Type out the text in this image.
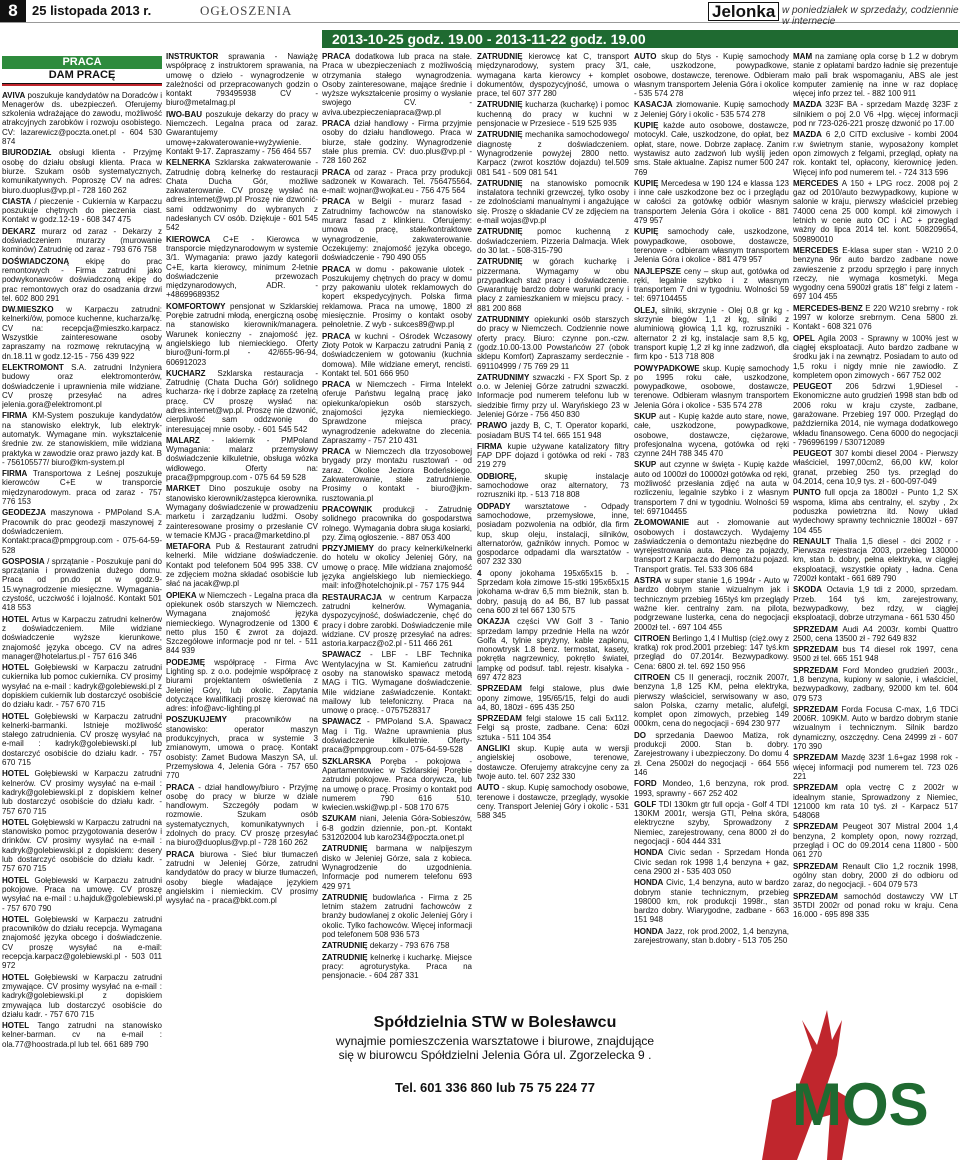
8	25 listopada 2013 r.	OGŁOSZENIA	Jelonka w poniedziałek w sprzedaży, codziennie w internecie
2013-10-25 godz. 19.00 - 2013-11-22 godz. 19.00
PRACA
DAM PRACĘ

AVIVA poszukuje kandydatów na Doradców i Menagerów ds. ubezpieczeń. Oferujemy szkolenia wdrażające do zawodu, możliwość atrakcyjnych zarobków i rozwoju osobistego. CV: lazarewicz@poczta.onet.pl - 604 530 874

BIURODZIAŁ obsługi klienta - Przyjmę osobę do działu obsługi klienta. Praca w biurze. Szukam osób systematycznych, komunikatywnych. Poproszę CV na adres: biuro.duoplus@vp.pl - 728 160 262

CIASTA / pieczenie - Cukiernia w Karpaczu poszukuje chętnych do pieczenia ciast. Kontakt w godz.12-19 - 608 347 475

DEKARZ murarz od zaraz - Dekarzy z doświadczeniem murarzy (murowanie kominów) Zatrudnię od zaraz - 793 676 758

DOŚWIADCZONĄ ekipę do prac remontowych - Firma zatrudni jako podwykonawców doświadczoną ekipę do prac remontowych oraz do osadzania drzwi tel. 602 800 291

DW.MIESZKO w Karpaczu zatrudni: kelnerki/ów, pomoce kuchenne, kucharza/kę. CV na: recepcja@mieszko.karpacz. Wszystkie zainteresowane osoby zapraszamy na rozmowę rekrutacyjną w dn.18.11 w godz.12-15 - 756 439 922

ELEKTROMONT S.A. zatrudni Inżyniera budowy oraz elektromonterów, doświadczenie i uprawnienia mile widziane. CV proszę przesyłać na adres jelenia.gora@elektromont.pl

FIRMA KM-System poszukuje kandydatów na stanowisko elektryk, lub elektryk-automatyk. Wymagane min. wykształcenie średnie zw. ze stanowiskiem, mile widziana praktyka w zawodzie oraz prawo jazdy kat. B - 756105577/ biuro@km-system.pl

FIRMA Transportowa z Leśnej poszukuje kierowców C+E w transporcie międzynarodowym. praca od zaraz - 757 776 153

GEODEZJA maszynowa - PMPoland S.A. Pracownik do prac geodezji maszynowej z doświadczeniem. Kontakt:praca@pmpgroup.com - 075-64-59-528

GOSPOSIA / sprzątanie - Poszukuje pani do sprzątania i prowadzenia dużego domu. Praca od pn.do pt w godz.9-15.wynagrodzenie miesięczne. Wymagania-czystość, uczciwość i lojalność. Kontakt 501 418 553

HOTEL Artus w Karpaczu zatrudni kelnerów z doświadczeniem. Mile widziane doświadczenie wyższe kierunkowe, znajomość języka obcego. CV na adres manager@hotelartus.pl - 757 616 346

HOTEL Gołębiewski w Karpaczu zatrudni cukiernika lub pomoc cukiernika. CV prosimy wysyłać na e-mail : kadryk@golebiewski.pl z dopiskiem cukiernik lub dostarczyć osobiście do działu kadr. - 757 670 715

HOTEL Gołębiewski w Karpaczu zatrudni kelnerki-barmanki. Istnieje możliwość stałego zatrudnienia. CV proszę wysyłać na e-mail : kadryk@golebiewski.pl lub dostarczyć osobiście do działu kadr. - 757 670 715

HOTEL Gołębiewski w Karpaczu zatrudni kelnerów. CV prosimy wysyłać na e-mail : kadryk@golebiewski.pl z dopiskiem kelner lub dostarczyć osobiście do działu kadr. - 757 670 715

HOTEL Gołębiewski w Karpaczu zatrudni na stanowisko pomoc przygotowania deserów i drinków. CV prosimy wysyłać na e-mail : kadryk@golebiewski.pl z dopiskiem: desery lub dostarczyć osobiście do działu kadr. - 757 670 715

HOTEL Gołębiewski w Karpaczu zatrudni pokojowe. Praca na umowę. CV proszę wysyłać na e-mail : u.hajduk@golebiewski.pl - 757 670 790

HOTEL Gołębiewski w Karpaczu zatrudni pracowników do działu recepcja. Wymagana znajomość języka obcego i doświadczenie. CV proszę wysyłać na e-mail: recepcja.karpacz@golebiewski.pl - 503 011 972

HOTEL Gołębiewski w Karpaczu zatrudni zmywające. CV prosimy wysyłać na e-mail : kadryk@golebiewski.pl z dopiskiem zmywająca lub dostarczyć osobiście do działu kadr. - 757 670 715

HOTEL Tango zatrudni na stanowisko kelner-barman. cv na e-mail : ola.77@hoostrada.pl lub tel. 661 689 790

INSTRUKTOR sprawania - Nawiążę współpracę z instruktorem sprawania, na umowę o dzieło - wynagrodzenie w zależności od przepracowanych godzin o kontakt 793495938 CV - biuro@metalmag.pl

IWO-BAU poszukuje dekarzy do pracy w Niemczech. Legalna praca od zaraz. Gwarantujemy umowę+zakwaterowanie+wyżywienie. Kontakt 9-17. Zapraszamy - 756 464 557

KELNERKA Szklarska zakwaterowanie - Zatrudnię dobrą kelnerkę do restauracji Chata Ducha Gór, możliwe zakwaterowanie. CV proszę wysłać na adres.internet@wp.pl Proszę nie dzwonić-sami oddzwonimy do wybranych z nadesłanych CV osób. Dziękuje - 601 545 542

KIEROWCA C+E - Kierowca w transporcie międzynarodowym w systemie 3/1. Wymagania: prawo jazdy kategorii C+E, karta kierowcy, minimum 2-letnie doświadczenie przewozach międzynarodowych, ADR. - +48699689352

KOMFORTOWY pensjonat w Szklarskiej Porębie zatrudni młodą, energiczną osobę na stanowisko kierownik/managera. Warunek konieczny - znajomość jęz. angielskiego lub niemieckiego. Oferty biuro@uni-form.pl - 42/655-96-94, 606912023

KUCHARZ Szklarska restauracja - Zatrudnię (Chata Ducha Gór) solidnego kucharza- rkę i dobrze zapłacę za rzetelną pracę. CV proszę wysłać na: adres.internet@wp.pl. Proszę nie dzwonić, cierpliwość sam oddzwonię do interesującej mnie osoby. - 601 545 542

MALARZ - lakiernik - PMPoland Wymagania: malarz przemysłowy doświadczenie kilkuletnie, obsługa wózka widłowego. Oferty na: praca@pmpgroup.com - 075 64 59 528

MARKET Dino poszukuje osoby na stanowisko kierownik/zastępca kierownika. Wymagany doświadczenie w prowadzeniu marketu i zarządzaniu ludźmi. Osoby zainteresowane prosimy o przesłanie CV w temacie KMJG - praca@marketdino.pl

METAFORA Pub & Restaurant zatrudni kelnerki. Mile widziane doświadczenie. Kontakt pod telefonem 504 995 338. CV ze zdjęciem można składać osobiście lub słać na jacak@wp.pl

OPIEKA w Niemczech - Legalna praca dla opiekunek osób starszych w Niemczech. Wymagana znajomość języka niemieckiego. Wynagrodzenie od 1300 € netto plus 150 € zwrot za dojazd. Szczegółowe informacje pod nr tel. - 511 844 939

PODEJMĘ współpracę - Firma Avc Lighting sp. z o.o. podejmie współpracę z biurami projektantem oświetlenia z Jeleniej Góry, lub okolic. Zapytania dotyczące kwalifikacji proszę kierować na adres: info@avc-lighting.pl

POSZUKUJEMY pracowników na stanowisko: operator maszyn produkcyjnych, praca w systemie 3 zmianowym, umowa o pracę. Kontakt osobisty: Zamet Budowa Maszyn SA, ul. Przemysłowa 4, Jelenia Góra - 757 650 770

PRACA - dział handlowy/biuro - Przyjmę osobę do pracy w biurze w dziale handlowym. Szczegóły podam w rozmowie. Szukam osób systematycznych, komunikatywnych i zdolnych do pracy. CV proszę przesyłać na biuro@duoplus@vp.pl - 728 160 262

PRACA biurowa - Sieć biur tłumaczeń zatrudni w Jeleniej Górze, zatrudni kandydatów do pracy w biurze tłumaczeń, osoby biegle władające językiem angielskim i niemieckim. CV prosimy wysyłać na - praca@bkt.com.pl

PRACA dodatkowa lub praca na stałe. Praca w ubezpieczeniach z możliwością otrzymania stałego wynagrodzenia. Osoby zainteresowane, mające średnie i wyższe wykształcenie prosimy o wysłanie swojego CV. - aviva.ubezpieczeniapraca@wp.pl

PRACA dział handlowy - Firma przyjmie osoby do działu handlowego. Praca w biurze, stałe godziny. Wynagrodzenie stałe plus premia. CV: duo.plus@vp.pl - 728 160 262

PRACA od zaraz - Praca przy produkcji sadzonek w Kowarach. Tel. 756475564, e-mail: wojnar@wojkat.eu - 756 475 564

PRACA w Belgii - murarz fasad - Zatrudnimy fachowców na stanowisko murarz fasad z klinkieru. Oferujemy: umowa o pracę, stałe/kontraktowe wynagrodzenie, zakwaterowanie. Oczekujemy: znajomość języka obcego, doświadczenie - 790 490 055

PRACA w domu - pakowanie ulotek - Poszukujemy chętnych do pracy w domu przy pakowaniu ulotek reklamowych do kopert ekspedycyjnych. Polska firma reklamowa. Praca na umowę, 1800 zł miesięcznie. Prosimy o kontakt osoby pełnoletnie. Z wyb - sukces89@wp.pl

PRACA w kuchni - Ośrodek Wczasowy Złoty Potok w Karpaczu zatrudni Panią z doświadczeniem w gotowaniu (kuchnia domowa). Mile widziane emeryt, rencisti. Kontakt tel. 501 666 950

PRACA w Niemczech - Firma Intelekt oferuje Państwu legalną pracę jako opiekunka/opiekun osób starszych, znajomości języka niemieckiego. Sprawdzone miejsca pracy, wynagrodzenie adekwatne do zlecenia. Zapraszamy - 757 210 431

PRACA w Niemczech dla trzyosobowej brygady przy montażu rusztowań - od zaraz. Okolice Jeziora Bodeńskiego. Zakwaterowanie, stałe zatrudnienie. Prosimy o kontakt - biuro@jkm-rusztowania.pl

PRACOWNIK produkcji - Zatrudnię solidnego pracownika do gospodarstwa rolnego. Wymagania dobra sługa kosiarki, pzy. Zimą ogłoszenie. - 887 053 400

PRZYJMIEMY do pracy kelnerki/kelnerki do hotelu w okolicy Jeleniej Góry, na umowę o pracę. Mile widziana znajomość języka angielskiego lub niemieckiego. mail: info@hotelchojnik.pl - 757 175 944

RESTAURACJA w centrum Karpacza zatrudni kelnerów. Wymagania, dyspozycyjność, doświadczenie, chęć do pracy i dobre zarobki. Doświadczenie mile widziane. CV proszę przesyłać na adres: astoria.karpacz@o2.pl - 511 466 261

SPAWACZ - LBF - LBF Technika Wentylacyjna w St. Kamieńcu zatrudni osoby na stanowisko spawacz metodą MAG i TIG. Wymagane doświadczenie. Mile widziane zaświadczenie. Kontakt: mailowy lub telefoniczny. Praca na umowę o pracę. - 0757528317

SPAWACZ - PMPoland S.A. Spawacz Mag i Tig. Ważne uprawnienia plus doświadczenie kilkuletnie. Oferty-praca@pmpgroup.com - 075-64-59-528

SZKLARSKA Poręba - pokojowa - Apartamentowiec w Szklarskiej Porębie zatrudni pokojowe. Praca dorywcza, lub na umowę o pracę. Prosimy o kontakt pod numerem 790 616 510. kwiecien.wski@wp.pl - 508 170 675

SZUKAM niani, Jelenia Góra-Sobieszów, 6-8 godzin dziennie, pon.-pt. Kontakt 531202004 lub karo234@poczta.onet.pl

ZATRUDNIĘ barmana w nalpijeszym disko w Jeleniej Górze, sala z kobieca. Wynagrodzenie do uzgodnienia. Informacje pod numerem telefonu 693 429 971

ZATRUDNIĘ budowlańca - Firma z 25 letnim stażem zatrudni fachowców z branży budowlanej z okolic Jeleniej Góry i okolic. Tylko fachowców. Więcej informacji pod telefonem 508 936 573

ZATRUDNIĘ dekarzy - 793 676 758

ZATRUDNIĘ kelnerkę i kucharkę. Miejsce pracy: agroturystyka. Praca na pensjonacie. - 604 287 331

ZATRUDNIĘ kierowcę kat C, transport międzynarodowy, system pracy 3/1, wymagana karta kierowcy + komplet dokumentów, dyspozycyjność, umowa o prace, tel 607 377 280

ZATRUDNIĘ kucharza (kucharkę) i pomoc kuchenną do pracy w kuchni w pensjonacie w Przesiece - 519 525 935

ZATRUDNIĘ mechanika samochodowego/ diagnostę z doświadczeniem. Wynagrodzenie powyżej 2800 netto. Karpacz (zwrot kosztów dojazdu) tel.509 081 541 - 509 081 541

ZATRUDNIĘ na stanowisko pomocnik instalatora techniki grzewczej, tylko osoby ze zdolnościami manualnymi i angażujące się. Proszę o składanie CV ze zdjęciem na e-mail wojas@vp.pl

ZATRUDNIĘ pomoc kuchenną z doświadczeniem. Pizzeria Dalmacja. Wiek do 30 lat. - 508-315-790

ZATRUDNIĘ w górach kucharkę i pizzermana. Wymagamy w obu przypadkach staż pracy i doświadczenie. Gwarantuję bardzo dobre warunki pracy i płacy z zamieszkaniem w miejscu pracy. - 881 200 868

ZATRUDNIMY opiekunki osób starszych do pracy w Niemczech. Codziennie nowe oferty pracy. Biuro: czynne pon.-czw.(godz.10.00-13.00 Powstańców 27 (obok sklepu Komfort) Zapraszamy serdecznie - 691104999 / 75 769 29 11

ZATRUDNIMY szwaczki - FX Sport Sp. z o.o. w Jeleniej Górze zatrudni szwaczki. Informacje pod numerem telefonu lub w siedzibie firmy przy ul. Waryńskiego 23 w Jeleniej Górze - 756 450 830

PRAWO jazdy B, C, T. Operator koparki, posiadam BUS T4 tel. 665 151 948

FIRMA kupie używane katalizatory filtry FAP DPF dojazd i gotówka od reki - 783 219 279

ODBIORĘ, skupię instalacje samochodowe oraz alternatory, 73 rozruszniki itp. - 513 718 808

ODPADY warsztatowe - Odpady samochodowe, przemysłowe, inne, posiadam pozwolenia na odbiór, dla firm kup, skup oleju, instalacji, silników, alternatorów, gaźników innych. Pomoc w gospodarce odpadami dla warsztatów - 607 232 330

4 opony jokohama 195x65x15 b. - Sprzedam koła zimowe 15-stki 195x65x15 jokohama w-drav 6,5 mm bieżnik, stan b. dobry, pasują do a4 B6, B7 lub passat cena 600 zł tel 667 130 575

OKAZJA części VW Golf 3 - Tanio sprzedam lampy przednie Hella na wzór Golfa 4, tylnie spryżyny, kable zapłonu, monowtrysk 1.8 benz. termostat, kasety, pokrętła nagrzewnicy, pokrętło świateł, lampkę od podsuf. tabl. rejestr. kisałyka - 697 472 823

SPRZEDAM felgi stalowe, plus dwie opony zimowe, 195/65/15, felgi do audi a4, 80, 180zł - 695 435 250

SPRZEDAM felgi stalowe 15 cali 5x112. Felgi są proste, zadbane. Cena: 60zł sztuka - 511 104 354

ANGLIKI skup. Kupię auta w wersji angielskiej osobowe, terenowe, dostawcze. Oferujemy atrakcyjne ceny za twoje auto. tel. 607 232 330

AUTO - skup. Kupię samochody osobowe, terenowe i dostawcze, przeglądy, wysokie ceny. Transport Jeleniej Góry i okolic - 531 588 345

AUTO skup do 5tys - Kupię samochody całe, uszkodzone, powypadkowe, osobowe, dostawcze, terenowe. Odbieram własnym transportem Jelenia Góra i okolice - 535 574 278

KASACJA złomowanie. Kupię samochody z Jeleniej Góry i okolic - 535 574 278

KUPIĘ każde auto osobowe, dostawcze, motocykl. Całe, uszkodzone, do opłat, bez opłat, stare, nowe. Dobrze zapłacę. Zanim wystawisz auto zadzwoń lub wyślij jeden sms. Stałe aktualne. Zapisz numer 500 247 769

KUPIĘ Mercedesa w 190 124 e klassa 123 i inne całe uszkodzone bez oc i przeglądu w całości za gotówkę odbiór własnym transportem Jelenia Góra i okolice - 881 479 957

KUPIĘ samochody całe, uszkodzone, powypadkowe, osobowe, dostawcze, terenowe - odbieram własnym transportem Jelenia Góra i okolice - 881 479 957

NAJLEPSZE ceny – skup aut, gotówka od ręki, legalnie szybko i z własnym transportem 7 dni w tygodniu. Wolności 59 tel: 697104455

OLEJ, silniki, skrzynie - Olej 0,8 gr kg - skrzynie biegów 1,1 zł kg, silniki z aluminiową głowicą 1,1 kg, rozruszniki - alternator 2 zł kg, instalacje sam 8,5 kg, transport kupię 1,2 zł kg inne zadzwoń, dla firm kpo - 513 718 808

POWYPADKOWE skup. Kupię samochody po 1995 roku całe, uszkodzone, powypadkowe, osobowe, dostawcze, terenowe. Odbieram własnym transportem Jelenia Góra i okolice - 535 574 278

SKUP aut - Kupię każde auto stare, nowe, całe, uszkodzone, powypadkowe, osobowe, dostawcze, ciężarowe, profesjonalna wycena, gotówka od ręki czynne 24H 788 345 470

SKUP aut czynne w święta - Kupię każde auto od 1000zł do 10000zł gotówka od ręki, możliwość przesłania zdjęć na auta w rozliczeniu, legalnie szybko i z własnym transportem 7 dni w tygodniu. Wolności 59 tel: 697104455

ZŁOMOWANIE aut - złomowanie aut osobowych i dostawczych. Wydajemy zaświadczenia o demontażu niezbędne do wyrejestrowania auta. Płacę za pojazdy, transport z Karpacza do demontażu pojazd. Transport gratis. Tel. 533 306 684

ASTRA w super stanie 1,6 1994r - Auto w bardzo dobrym stanie wizualnym jak i technicznym przebieg 165tyś km przeglądy ważne kier. centralny zam. na pilota, podgrzewane lusterka, cena do negocjacji 2000zł tel. - 697 104 455

CITROEN Berlingo 1,4 l Multisp (cięż.owy z kratką) rok prod.2001 przebieg: 147 tyś.km przegląd do 07.2014r. Bezwypadkowy. Cena: 6800 zł. tel. 692 150 956

CITROEN C5 II generacji, rocznik 2007r, benzyna 1,8 125 KM, pełna elektryka, pierwszy właściciel, serwisowany w aso, salon Polska, czarny metalic, alufelgi, komplet opon zimowych, przebieg 149 000km, cena do negocjacji - 694 230 977

DO sprzedania Daewoo Matiza, rok produkcji 2000. Stan b. dobry. Zarejestrowany i ubezpieczony. Do domu 4 zł. Cena 2500zł do negocjacji - 664 556 146

FORD Mondeo, 1,6 benzyna, rok prod. 1993, sprawny - 667 252 402

GOLF TDI 130km gtr full opcja - Golf 4 TDI 130KM 2001r, wersja GTI, Pełna skóra, elektryczne szyby, Sprowadzony z Niemiec, zarejestrowany, cena 8000 zł do negocjacji - 604 444 331

HONDA Civic sedan - Sprzedam Honda Civic sedan rok 1998 1,4 benzyna + gaz, cena 2900 zł - 535 403 050

HONDA Civic, 1,4 benzyna, auto w bardzo dobrym stanie technicznym, przebieg 198000 km, rok produkcji 1998r., stan bardzo dobry. Wiarygodne, zadbane - 663 151 948

HONDA Jazz, rok prod.2002, 1,4 benzyna, zarejestrowany, stan b.dobry - 513 705 250

MAM na zamianę opla corsę b 1.2 w dobrym stanie z opłatami bardzo ładnie się prezentuje mało pali brak wspomaganiu, ABS ale jest komputer zamienię na inne w raz dopłacę więcej info przez tel. - 882 100 911

MAZDA 323F BA - sprzedam Mazdę 323F z silnikiem o poj 2.0 V6 +lpg. więcej informacji pod nr 723-026-221 proszę dzwonić po 17.00

MAZDA 6 2,0 CiTD exclusive - kombi 2004 r.w świetnym stanie, wyposażony komplet opon zimowych z felgami, przegląd, opłaty na rok. kontakt tel, opłacony, kierownicę jeden. Więcej info pod numerem tel. - 724 313 596

MERCEDES A 150 + LPG rocz. 2008 poj 2 gaz od 2010/auto bezwypadkowy, kupione w salonie w kraju, pierwszy właściciel przebieg 74000 cena 25 000 kompl. kół zimowych i letnich w cenie auto OC i AC + przegląd ważny do lipca 2014 tel. kont. 508209654, 509890010

MERCEDES E-klasa super stan - W210 2.0 benzyna 96r auto bardzo zadbane nowe zawieszenie z przodu sprzęgło i parę innych rzeczy, nie wymaga kosmetyki. Mega wygodny cena 5900zł gratis 18” felgi z latem - 697 104 455

MERCEDES-BENZ E 220 W210 srebrny - rok 1997 w kolorze srebrnym. Cena 5800 zł. Kontakt - 608 321 076

OPEL Agila 2003 - Sprawny w 100% jest w ciągłej eksploatacji. Auto bardzo zadbane w środku jak i na zewnątrz. Posiadam to auto od 1,5 roku i nigdy mnie nie zawiodło. Z kompletem opon zimowych - 667 752 002

PEUGEOT 206 5drzwi 1,9Diesel - Ekonomiczne auto grudzień 1998 stan bdb od 2006 roku w kraju czyste, zadbane, garażowane. Przebieg 197 000. Przegląd do października 2014, nie wymaga dodatkowego wkładu finansowego. Cena 6000 do negocjacji - 796996199 / 530712089

PEUGEOT 307 kombi diesel 2004 - Pierwszy właściciel, 1997,00cm2, 66,00 kW, kolor granat, przebieg 250 tys. przegląd do 04.2014, cena 10,9 tys. zł - 600-097-049

PUNTO full opcja za 1800zł - Punto 1,2 SX wspoma, klima abs centralny, el. szyby , 2x poduszka powietrzna itd. Nowy układ wydechowy sprawny technicznie 1800zł - 697 104 455

RENAULT Thalia 1,5 diesel - dci 2002 r - Pierwsza rejestracja 2003, przebieg 130000 km, stan b. dobry, pełna elektryka, w ciągłej eksploatacji, wszystkie opłaty , ładna. Cena 7200zł kontakt - 661 689 790

SKODA Octavia 1,9 tdi z 2000, sprzedam. Przeb. 164 tyś km, zarejestrowany, bezwypadkowy, bez rdzy, w ciągłej eksploatacji, dobrze utrzymana - 661 530 450

SPRZEDAM Audi A4 2003r. kombi Quattro 2500, cena 13500 zł - 792 649 832

SPRZEDAM bus T4 diesel rok 1997, cena 9500 zł tel. 665 151 948

SPRZEDAM Ford Mondeo grudzień 2003r., 1,8 benzyna, kupiony w salonie, i właściciel, bezwypadkowy, zadbany, 92000 km tel. 604 079 573

SPRZEDAM Forda Focusa C-max, 1,6 TDCi 2006R. 109KM. Auto w bardzo dobrym stanie wizualnym i technicznym. Silnik bardzo dynamiczny, oszczędny. Cena 24999 zł - 607 170 390

SPRZEDAM Mazdę 323f 1.6+gaz 1998 rok - więcej informacji pod numerem tel. 723 026 221

SPRZEDAM opla vectrę C z 2002r w idealnym stanie, Sprowadzony z Niemiec, 121000 km rata 10 tyś. zł - Karpacz 517 548068

SPRZEDAM Peugeot 307 Mistral 2004 1,4 benzyna, 2 komplety opon, nowy rozrząd, przegląd i OC do 09.2014 cena 11800 - 500 061 270

SPRZEDAM Renault Clio 1,2 rocznik 1998, ogólny stan dobry, 2000 zł do odbioru od zaraz, do negocjacji. - 604 079 573

SPRZEDAM samochód dostawczy VW LT 35TDI 2002r od ponad roku w kraju. Cena 16.000 - 695 898 335

Spółdzielnia STW w Bolesławcu
wynajmie pomieszczenia warsztatowe i biurowe, znajdujące się w biurowcu Spółdzielni Jelenia Góra ul. Zgorzelecka 9 .
Tel. 601 336 860 lub 75 75 224 77	MOS
